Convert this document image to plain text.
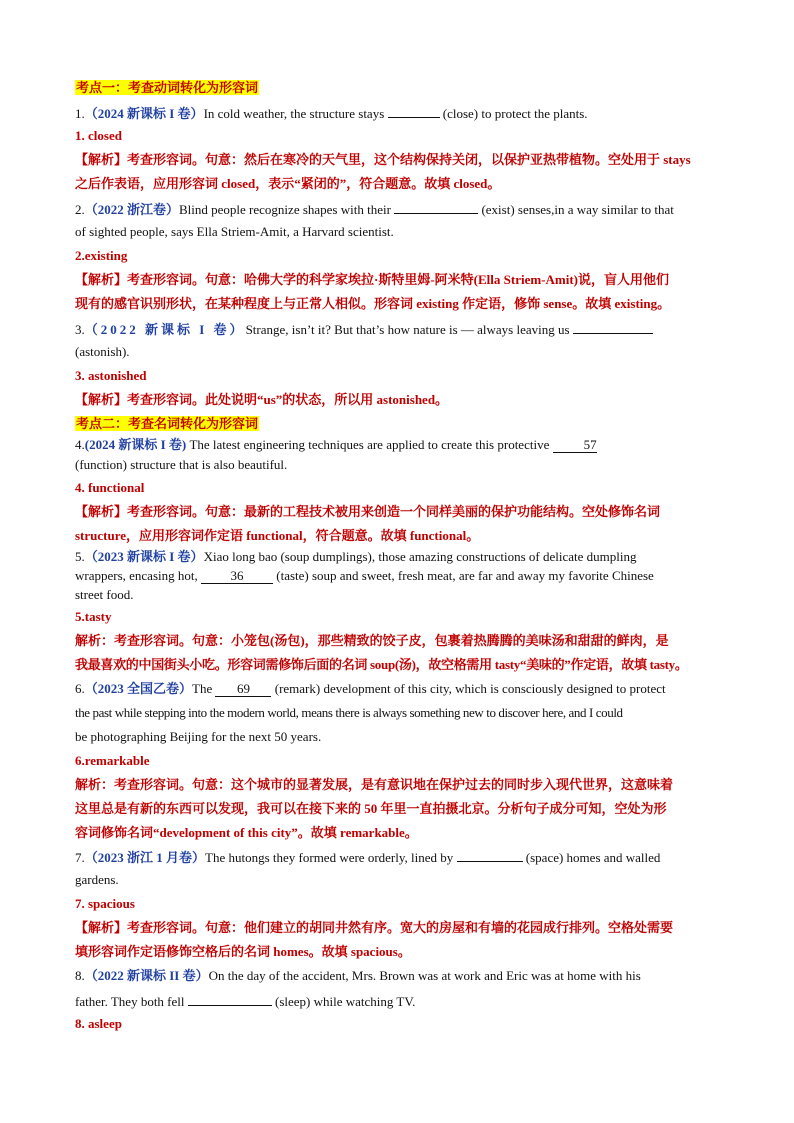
考点一：考查动词转化为形容词
1.（2024 新课标 I 卷）In cold weather, the structure stays	(close) to protect the plants.
1. closed
【解析】考查形容词。句意：然后在寒冷的天气里，这个结构保持关闭，以保护亚热带植物。空处用于 stays
之后作表语，应用形容词 closed，表示“紧闭的”，符合题意。故填 closed。
2.（2022 浙江卷）Blind people recognize shapes with their	(exist) senses,in a way similar to that
of sighted people, says Ella Striem-Amit, a Harvard scientist.
2.existing
【解析】考查形容词。句意：哈佛大学的科学家埃拉·斯特里姆-阿米特(Ella Striem-Amit)说，盲人用他们
现有的感官识别形状，在某种程度上与正常人相似。形容词 existing 作定语，修饰 sense。故填 existing。
3.（2022 新课标 I 卷）Strange, isn’t it? But that’s how nature is — always leaving us
(astonish).
3. astonished
【解析】考查形容词。此处说明“us”的状态，所以用 astonished。
考点二：考查名词转化为形容词
4.(2024 新课标 I 卷) The latest engineering techniques are applied to create this protective 57
(function) structure that is also beautiful.
4. functional
【解析】考查形容词。句意：最新的工程技术被用来创造一个同样美丽的保护功能结构。空处修饰名词
structure，应用形容词作定语 functional，符合题意。故填 functional。
5.（2023 新课标 I 卷）Xiao long bao (soup dumplings), those amazing constructions of delicate dumpling
wrappers, encasing hot, 36 (taste) soup and sweet, fresh meat, are far and away my favorite Chinese
street food.
5.tasty
解析：考查形容词。句意：小笼包(汤包)，那些精致的饺子皮，包裹着热腾腾的美味汤和甜甜的鲜肉，是
我最喜欢的中国街头小吃。形容词需修饰后面的名词 soup(汤)，故空格需用 tasty“美味的”作定语，故填 tasty。
6.（2023 全国乙卷）The 69 (remark) development of this city, which is consciously designed to protect
the past while stepping into the modern world, means there is always something new to discover here, and I could
be photographing Beijing for the next 50 years.
6.remarkable
解析：考查形容词。句意：这个城市的显著发展，是有意识地在保护过去的同时步入现代世界，这意味着
这里总是有新的东西可以发现，我可以在接下来的 50 年里一直拍摄北京。分析句子成分可知，空处为形
容词修饰名词“development of this city”。故填 remarkable。
7.（2023 浙江 1 月卷）The hutongs they formed were orderly, lined by	(space) homes and walled
gardens.
7. spacious
【解析】考查形容词。句意：他们建立的胡同井然有序。宽大的房屋和有墙的花园成行排列。空格处需要
填形容词作定语修饰空格后的名词 homes。故填 spacious。
8.（2022 新课标 II 卷）On the day of the accident, Mrs. Brown was at work and Eric was at home with his
father. They both fell	(sleep) while watching TV.
8. asleep
